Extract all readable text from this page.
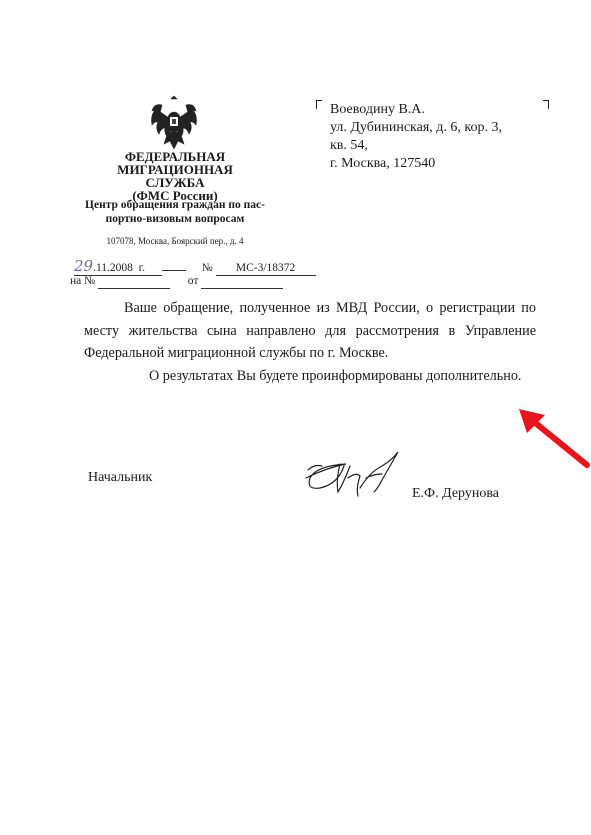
ФЕДЕРАЛЬНАЯ МИГРАЦИОННАЯ
СЛУЖБА
(ФМС России)
Центр обращения граждан по пас-
портно-визовым вопросам
107078, Москва, Боярский пер., д. 4
29.11.2008 г.	№ МС-3/18372
на №	от
Воеводину В.А.
ул. Дубининская, д. 6, кор. 3,
кв. 54,
г. Москва, 127540

Ваше обращение, полученное из МВД России, о регистрации по месту жительства сына направлено для рассмотрения в Управление Федеральной миграционной службы по г. Москве.

О результатах Вы будете проинформированы дополнительно.

Начальник
Е.Ф. Дерунова
